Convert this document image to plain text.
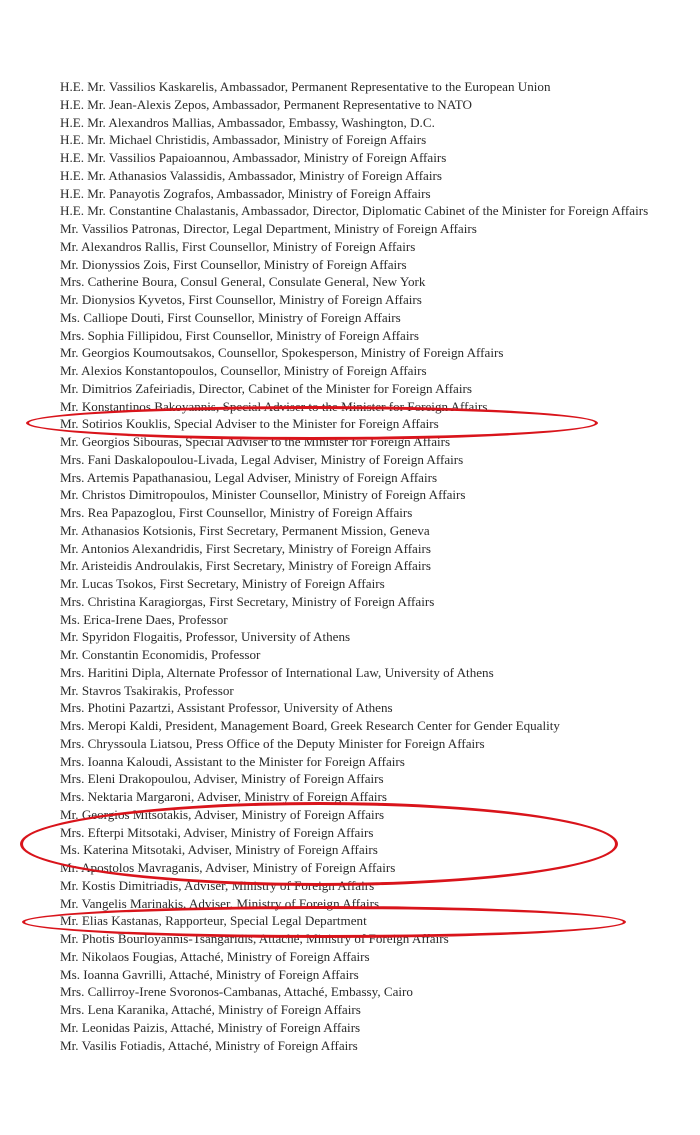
H.E. Mr. Vassilios Kaskarelis, Ambassador, Permanent Representative to the European Union
H.E. Mr. Jean-Alexis Zepos, Ambassador, Permanent Representative to NATO
H.E. Mr. Alexandros Mallias, Ambassador, Embassy, Washington, D.C.
H.E. Mr. Michael Christidis, Ambassador, Ministry of Foreign Affairs
H.E. Mr. Vassilios Papaioannou, Ambassador, Ministry of Foreign Affairs
H.E. Mr. Athanasios Valassidis, Ambassador, Ministry of Foreign Affairs
H.E. Mr. Panayotis Zografos, Ambassador, Ministry of Foreign Affairs
H.E. Mr. Constantine Chalastanis, Ambassador, Director, Diplomatic Cabinet of the Minister for Foreign Affairs
Mr. Vassilios Patronas, Director, Legal Department, Ministry of Foreign Affairs
Mr. Alexandros Rallis, First Counsellor, Ministry of Foreign Affairs
Mr. Dionyssios Zois, First Counsellor, Ministry of Foreign Affairs
Mrs. Catherine Boura, Consul General, Consulate General, New York
Mr. Dionysios Kyvetos, First Counsellor, Ministry of Foreign Affairs
Ms. Calliope Douti, First Counsellor, Ministry of Foreign Affairs
Mrs. Sophia Fillipidou, First Counsellor, Ministry of Foreign Affairs
Mr. Georgios Koumoutsakos, Counsellor, Spokesperson, Ministry of Foreign Affairs
Mr. Alexios Konstantopoulos, Counsellor, Ministry of Foreign Affairs
Mr. Dimitrios Zafeiriadis, Director, Cabinet of the Minister for Foreign Affairs
Mr. Konstantinos Bakoyannis, Special Adviser to the Minister for Foreign Affairs
Mr. Sotirios Kouklis, Special Adviser to the Minister for Foreign Affairs
Mr. Georgios Sibouras, Special Adviser to the Minister for Foreign Affairs
Mrs. Fani Daskalopoulou-Livada, Legal Adviser, Ministry of Foreign Affairs
Mrs. Artemis Papathanasiou, Legal Adviser, Ministry of Foreign Affairs
Mr. Christos Dimitropoulos, Minister Counsellor, Ministry of Foreign Affairs
Mrs. Rea Papazoglou, First Counsellor, Ministry of Foreign Affairs
Mr. Athanasios Kotsionis, First Secretary, Permanent Mission, Geneva
Mr. Antonios Alexandridis, First Secretary, Ministry of Foreign Affairs
Mr. Aristeidis Androulakis, First Secretary, Ministry of Foreign Affairs
Mr. Lucas Tsokos, First Secretary, Ministry of Foreign Affairs
Mrs. Christina Karagiorgas, First Secretary, Ministry of Foreign Affairs
Ms. Erica-Irene Daes, Professor
Mr. Spyridon Flogaitis, Professor, University of Athens
Mr. Constantin Economidis, Professor
Mrs. Haritini Dipla, Alternate Professor of International Law, University of Athens
Mr. Stavros Tsakirakis, Professor
Mrs. Photini Pazartzi, Assistant Professor, University of Athens
Mrs. Meropi Kaldi, President, Management Board, Greek Research Center for Gender Equality
Mrs. Chryssoula Liatsou, Press Office of the Deputy Minister for Foreign Affairs
Mrs. Ioanna Kaloudi, Assistant to the Minister for Foreign Affairs
Mrs. Eleni Drakopoulou, Adviser, Ministry of Foreign Affairs
Mrs. Nektaria Margaroni, Adviser, Ministry of Foreign Affairs
Mr. Georgios Mitsotakis, Adviser, Ministry of Foreign Affairs
Mrs. Efterpi Mitsotaki, Adviser, Ministry of Foreign Affairs
Ms. Katerina Mitsotaki, Adviser, Ministry of Foreign Affairs
Mr. Apostolos Mavraganis, Adviser, Ministry of Foreign Affairs
Mr. Kostis Dimitriadis, Adviser, Ministry of Foreign Affairs
Mr. Vangelis Marinakis, Adviser, Ministry of Foreign Affairs
Mr. Elias Kastanas, Rapporteur, Special Legal Department
Mr. Photis Bourloyannis-Tsangaridis, Attaché, Ministry of Foreign Affairs
Mr. Nikolaos Fougias, Attaché, Ministry of Foreign Affairs
Ms. Ioanna Gavrilli, Attaché, Ministry of Foreign Affairs
Mrs. Callirroy-Irene Svoronos-Cambanas, Attaché, Embassy, Cairo
Mrs. Lena Karanika, Attaché, Ministry of Foreign Affairs
Mr. Leonidas Paizis, Attaché, Ministry of Foreign Affairs
Mr. Vasilis Fotiadis, Attaché, Ministry of Foreign Affairs
